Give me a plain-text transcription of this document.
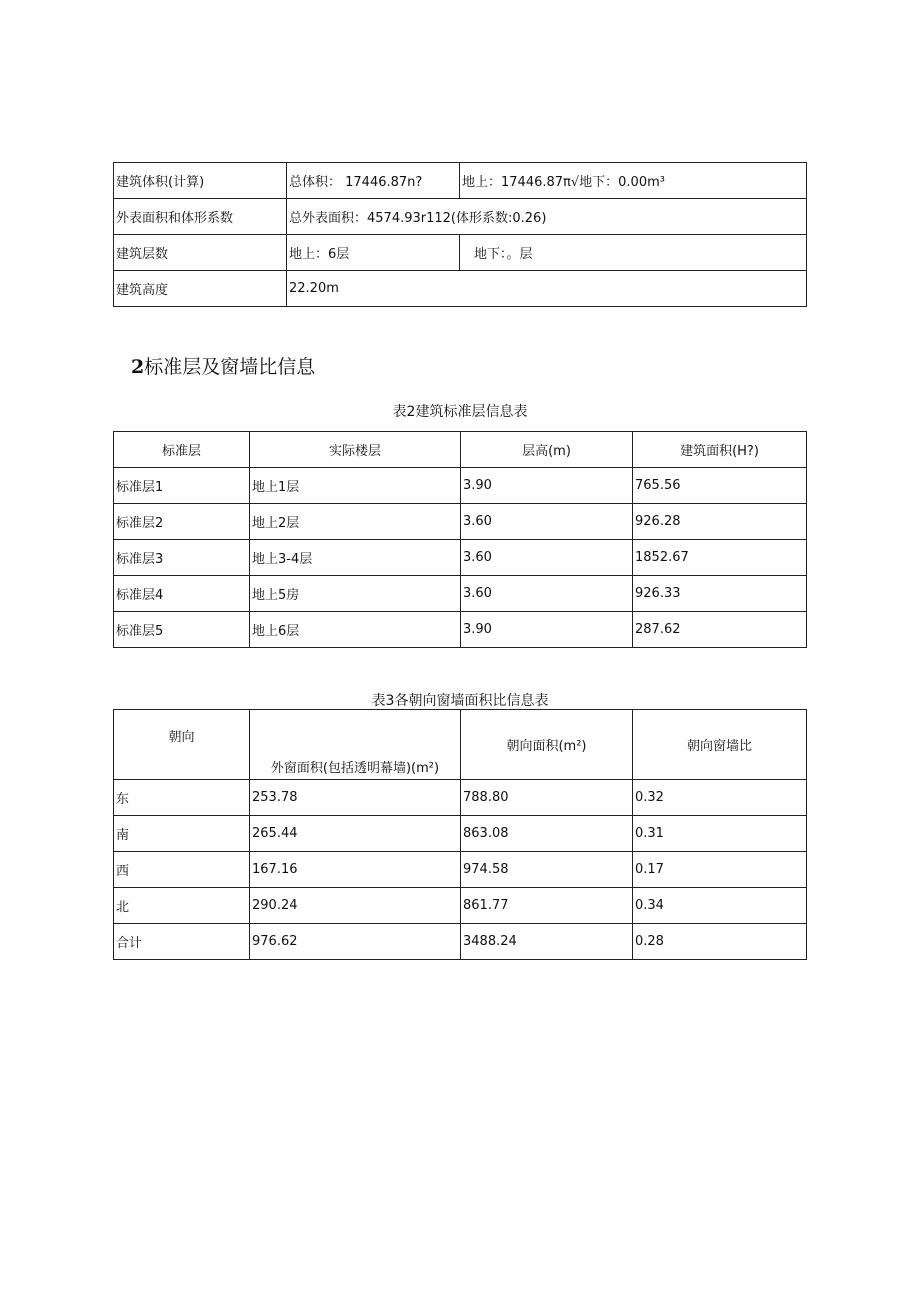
建筑体积(计算)	总体积： 17446.87n?	地上：17446.87π√地下：0.00m³
外表面积和体形系数	总外表面积：4574.93r112(体形系数:0.26)	
建筑层数	地上：6层	地下：。层
建筑高度	22.20m	
2标准层及窗墙比信息
表2建筑标准层信息表
标准层	实际楼层	层高(m)	建筑面积(H?)
标准层1	地上1层	3.90	765.56
标准层2	地上2层	3.60	926.28
标准层3	地上3-4层	3.60	1852.67
标准层4	地上5房	3.60	926.33
标准层5	地上6层	3.90	287.62
表3各朝向窗墙面积比信息表
朝向	外窗面积(包括透明幕墙)(m²)	朝向面积(m²)	朝向窗墙比
东	253.78	788.80	0.32
南	265.44	863.08	0.31
西	167.16	974.58	0.17
北	290.24	861.77	0.34
合计	976.62	3488.24	0.28
